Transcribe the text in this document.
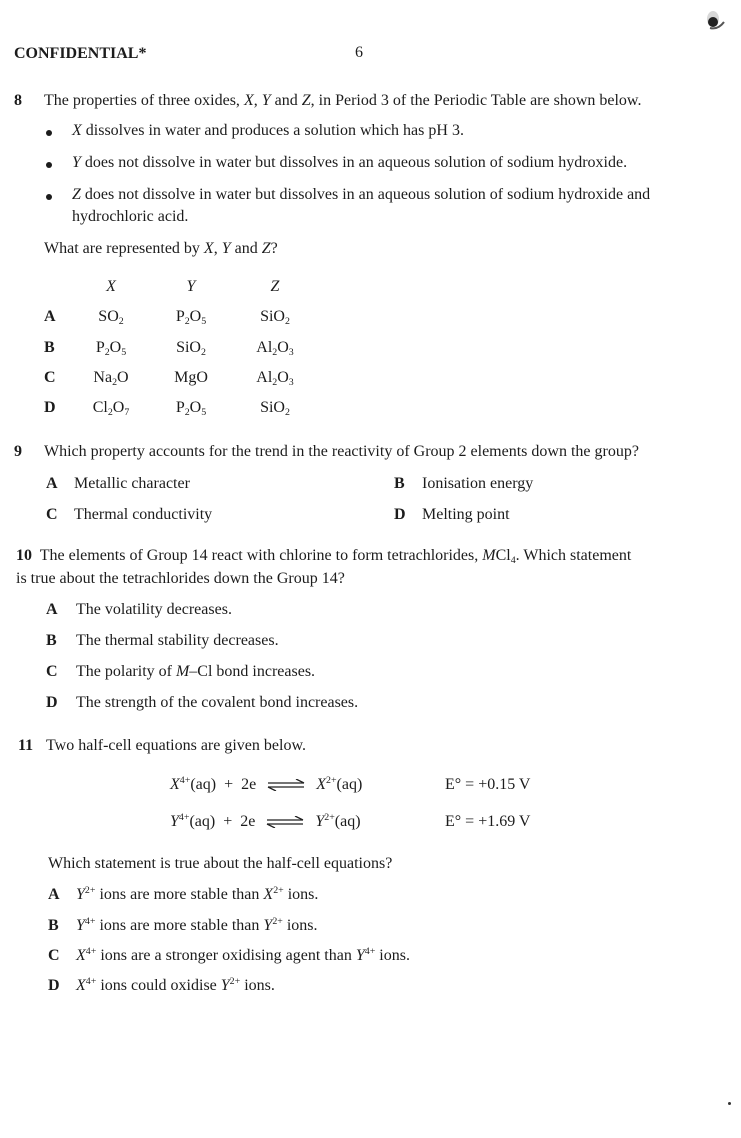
CONFIDENTIAL*	6
8 The properties of three oxides, X, Y and Z, in Period 3 of the Periodic Table are shown below.
X dissolves in water and produces a solution which has pH 3.
Y does not dissolve in water but dissolves in an aqueous solution of sodium hydroxide.
Z does not dissolve in water but dissolves in an aqueous solution of sodium hydroxide and
hydrochloric acid.
What are represented by X, Y and Z?
X	Y	Z
A	$SO_2$	$P_2O_5$	SiO$_2$
B	$P_2O_5$	SiO$_2$	$Al_2O_3$
C	$Na_2O$	MgO	$Al_2O_3$
D	$Cl_2O_7$	$P_2O_5$	SiO$_2$
9 Which property accounts for the trend in the reactivity of Group 2 elements down the group?
A Metallic character	B Ionisation energy
C Thermal conductivity	D Melting point
10 The elements of Group 14 react with chlorine to form tetrachlorides, MCl$_4$. Which statement
is true about the tetrachlorides down the Group 14?
A The volatility decreases.
B The thermal stability decreases.
C The polarity of M–Cl bond increases.
D The strength of the covalent bond increases.
11 Two half-cell equations are given below.
$X^{4+}(aq) + 2e$ ⇌ $X^{2+}(aq)$	E° = +0.15 V
$Y^{4+}(aq) + 2e$ ⇌ $Y^{2+}(aq)$	E° = +1.69 V
Which statement is true about the half-cell equations?
A $Y^{2+}$ ions are more stable than $X^{2+}$ ions.
B $Y^{4+}$ ions are more stable than $Y^{2+}$ ions.
C $X^{4+}$ ions are a stronger oxidising agent than $Y^{4+}$ ions.
D $X^{4+}$ ions could oxidise $Y^{2+}$ ions.
